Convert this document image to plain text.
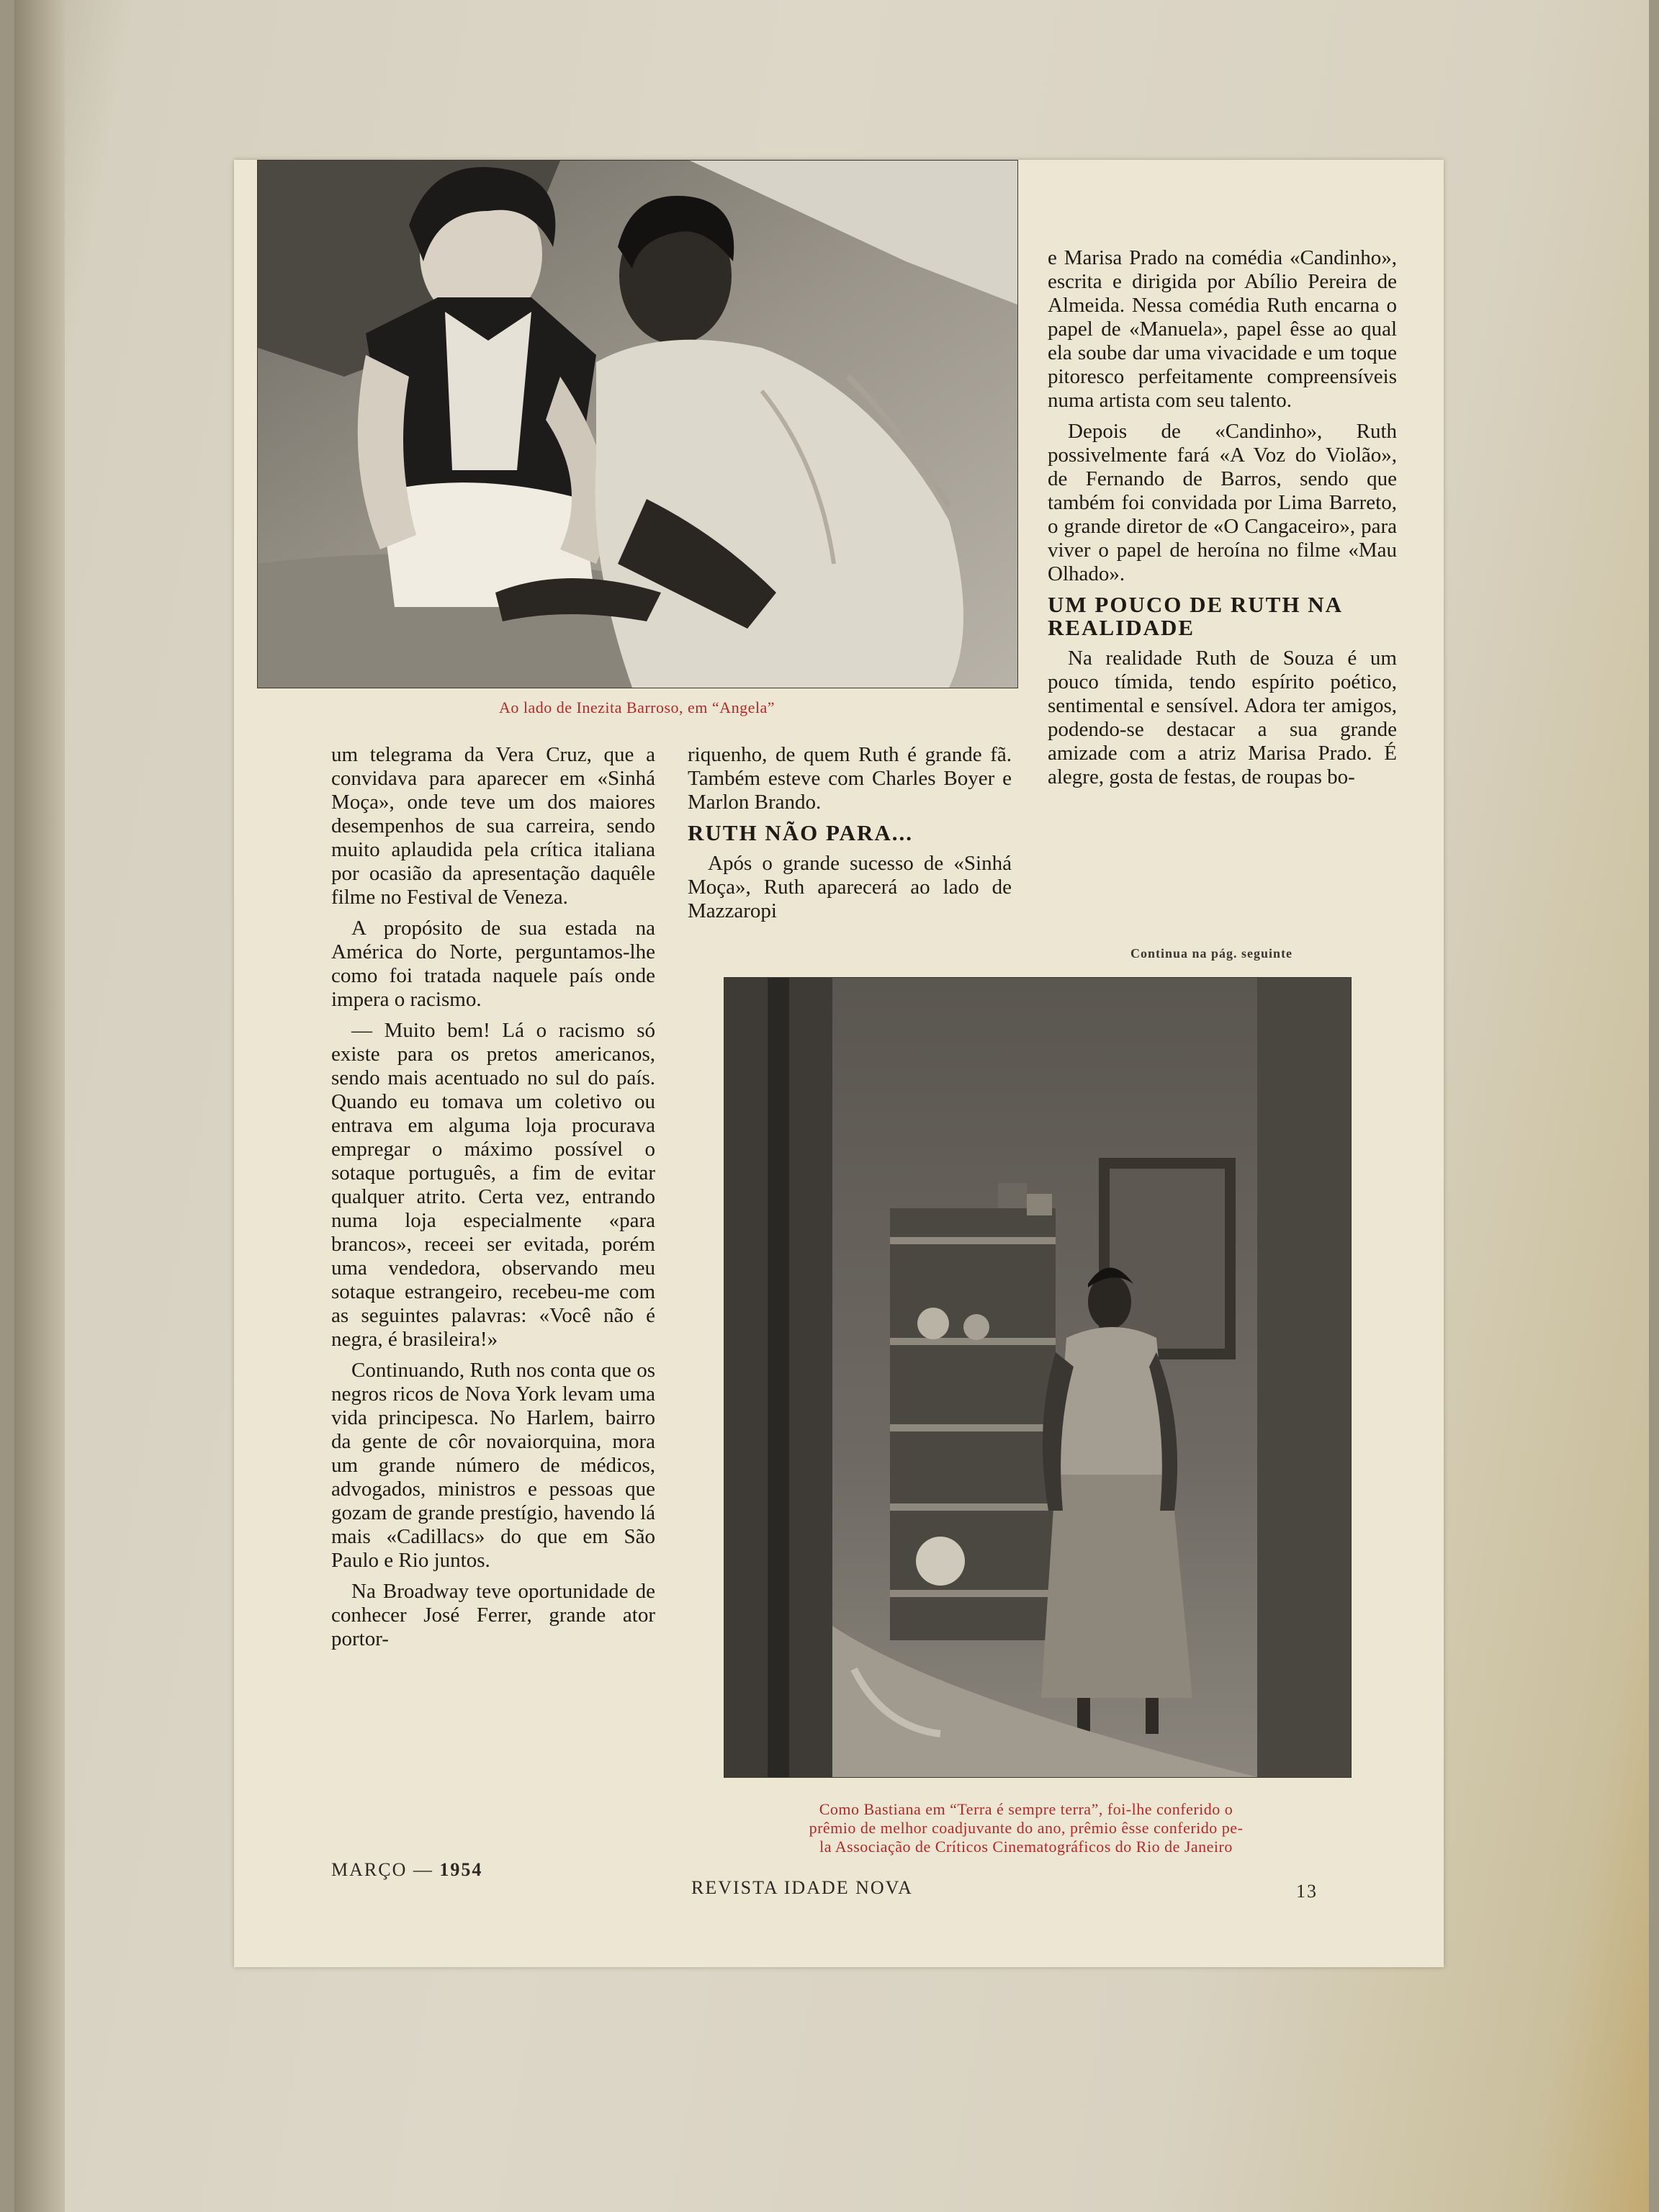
Ao lado de Inezita Barroso, em “Angela”

e Marisa Prado na comédia «Candinho», escrita e dirigida por Abílio Pereira de Almeida. Nessa comédia Ruth encarna o papel de «Manuela», papel êsse ao qual ela soube dar uma vivacidade e um toque pitoresco perfeitamente compreensíveis numa artista com seu talento.

Depois de «Candinho», Ruth possivelmente fará «A Voz do Violão», de Fernando de Barros, sendo que também foi convidada por Lima Barreto, o grande diretor de «O Cangaceiro», para viver o papel de heroína no filme «Mau Olhado».

UM POUCO DE RUTH NA REALIDADE

Na realidade Ruth de Souza é um pouco tímida, tendo espírito poético, sentimental e sensível. Adora ter amigos, podendo-se destacar a sua grande amizade com a atriz Marisa Prado. É alegre, gosta de festas, de roupas bo-

Continua na pág. seguinte

um telegrama da Vera Cruz, que a convidava para aparecer em «Sinhá Moça», onde teve um dos maiores desempenhos de sua carreira, sendo muito aplaudida pela crítica italiana por ocasião da apresentação daquêle filme no Festival de Veneza.

A propósito de sua estada na América do Norte, perguntamos-lhe como foi tratada naquele país onde impera o racismo.

— Muito bem! Lá o racismo só existe para os pretos americanos, sendo mais acentuado no sul do país. Quando eu tomava um coletivo ou entrava em alguma loja procurava empregar o máximo possível o sotaque português, a fim de evitar qualquer atrito. Certa vez, entrando numa loja especialmente «para brancos», receei ser evitada, porém uma vendedora, observando meu sotaque estrangeiro, recebeu-me com as seguintes palavras: «Você não é negra, é brasileira!»

Continuando, Ruth nos conta que os negros ricos de Nova York levam uma vida principesca. No Harlem, bairro da gente de côr novaiorquina, mora um grande número de médicos, advogados, ministros e pessoas que gozam de grande prestígio, havendo lá mais «Cadillacs» do que em São Paulo e Rio juntos.

Na Broadway teve oportunidade de conhecer José Ferrer, grande ator portor-

riquenho, de quem Ruth é grande fã. Também esteve com Charles Boyer e Marlon Brando.

RUTH NÃO PARA...

Após o grande sucesso de «Sinhá Moça», Ruth aparecerá ao lado de Mazzaropi

Como Bastiana em “Terra é sempre terra”, foi-lhe conferido o
prêmio de melhor coadjuvante do ano, prêmio êsse conferido pe-
la Associação de Críticos Cinematográficos do Rio de Janeiro
MARÇO — 1954
REVISTA IDADE NOVA	13
